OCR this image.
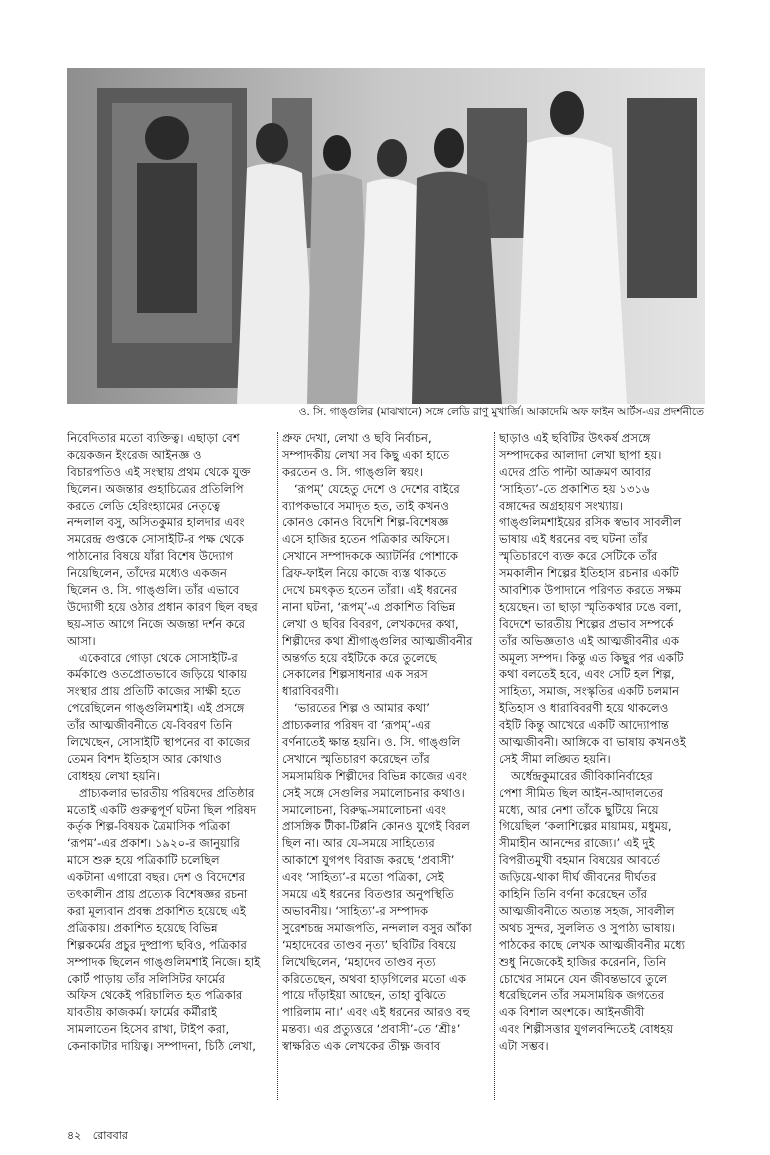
ও. সি. গাঙ্গুলির (মাঝখানে) সঙ্গে লেডি রাণু মুখার্জি। আকাদেমি অফ ফাইন আর্টস-এর প্রদর্শনীতে
নিবেদিতার মতো ব্যক্তিত্ব। এছাড়া বেশ
কয়েকজন ইংরেজ আইনজ্ঞ ও
বিচারপতিও এই সংস্থায় প্রথম থেকে যুক্ত
ছিলেন। অজন্তার গুহাচিত্রের প্রতিলিপি
করতে লেডি হেরিংহ্যামের নেতৃত্বে
নন্দলাল বসু, অসিতকুমার হালদার এবং
সমরেন্দ্র গুপ্তকে সোসাইটি-র পক্ষ থেকে
পাঠানোর বিষয়ে যাঁরা বিশেষ উদ্যোগ
নিয়েছিলেন, তাঁদের মধ্যেও একজন
ছিলেন ও. সি. গাঙ্গুলি। তাঁর এভাবে
উদ্যোগী হয়ে ওঠার প্রধান কারণ ছিল বছর
ছয়-সাত আগে নিজে অজন্তা দর্শন করে
আসা।
একেবারে গোড়া থেকে সোসাইটি-র
কর্মকাণ্ডে ওতপ্রোতভাবে জড়িয়ে থাকায়
সংস্থার প্রায় প্রতিটি কাজের সাক্ষী হতে
পেরেছিলেন গাঙ্গুলিমশাই। এই প্রসঙ্গে
তাঁর আত্মজীবনীতে যে-বিবরণ তিনি
লিখেছেন, সোসাইটি স্থাপনের বা কাজের
তেমন বিশদ ইতিহাস আর কোথাও
বোধহয় লেখা হয়নি।
প্রাচ্যকলার ভারতীয় পরিষদের প্রতিষ্ঠার
মতোই একটি গুরুত্বপূর্ণ ঘটনা ছিল পরিষদ
কর্তৃক শিল্প-বিষয়ক ত্রৈমাসিক পত্রিকা
‘রূপম’-এর প্রকাশ। ১৯২০-র জানুয়ারি
মাসে শুরু হয়ে পত্রিকাটি চলেছিল
একটানা এগারো বছর। দেশ ও বিদেশের
তৎকালীন প্রায় প্রত্যেক বিশেষজ্ঞর রচনা
করা মূল্যবান প্রবন্ধ প্রকাশিত হয়েছে এই
প্রত্রিকায়। প্রকাশিত হয়েছে বিভিন্ন
শিল্পকর্মের প্রচুর দুষ্প্রাপ্য ছবিও, পত্রিকার
সম্পাদক ছিলেন গাঙ্গুলিমশাই নিজে। হাই
কোর্ট পাড়ায় তাঁর সলিসিটর ফার্মের
অফিস থেকেই পরিচালিত হত পত্রিকার
যাবতীয় কাজকর্ম। ফার্মের কর্মীরাই
সামলাতেন হিসেব রাখা, টাইপ করা,
কেনাকাটার দায়িত্ব। সম্পাদনা, চিঠি লেখা,
প্রুফ দেখা, লেখা ও ছবি নির্বাচন,
সম্পাদকীয় লেখা সব কিছু একা হাতে
করতেন ও. সি. গাঙ্গুলি স্বয়ং।
‘রূপম্’ যেহেতু দেশে ও দেশের বাইরে
ব্যাপকভাবে সমাদৃত হত, তাই কখনও
কোনও কোনও বিদেশি শিল্প-বিশেষজ্ঞ
এসে হাজির হতেন পত্রিকার অফিসে।
সেখানে সম্পাদককে অ্যাটর্নির পোশাকে
ব্রিফ-ফাইল নিয়ে কাজে ব্যস্ত থাকতে
দেখে চমৎকৃত হতেন তাঁরা। এই ধরনের
নানা ঘটনা, ‘রূপম্’-এ প্রকাশিত বিভিন্ন
লেখা ও ছবির বিবরণ, লেখকদের কথা,
শিল্পীদের কথা শ্রীগাঙ্গুলির আত্মজীবনীর
অন্তর্গত হয়ে বইটিকে করে তুলেছে
সেকালের শিল্পসাধনার এক সরস
ধারাবিবরণী।
‘ভারতের শিল্প ও আমার কথা’
প্রাচ্যকলার পরিষদ বা ‘রূপম্’-এর
বর্ণনাতেই ক্ষান্ত হয়নি। ও. সি. গাঙ্গুলি
সেখানে স্মৃতিচারণ করেছেন তাঁর
সমসাময়িক শিল্পীদের বিভিন্ন কাজের এবং
সেই সঙ্গে সেগুলির সমালোচনার কথাও।
সমালোচনা, বিরুদ্ধ-সমালোচনা এবং
প্রাসঙ্গিক টীকা-টিপ্পনি কোনও যুগেই বিরল
ছিল না। আর যে-সময়ে সাহিত্যের
আকাশে যুগপৎ বিরাজ করছে ‘প্রবাসী’
এবং ‘সাহিত্য’-র মতো পত্রিকা, সেই
সময়ে এই ধরনের বিতণ্ডার অনুপস্থিতি
অভাবনীয়। ‘সাহিত্য’-র সম্পাদক
সুরেশচন্দ্র সমাজপতি, নন্দলাল বসুর আঁকা
‘মহাদেবের তাণ্ডব নৃত্য’ ছবিটির বিষয়ে
লিখেছিলেন, ‘মহাদেব তাণ্ডব নৃত্য
করিতেছেন, অথবা হাড়গিলের মতো এক
পায়ে দাঁড়াইয়া আছেন, তাহা বুঝিতে
পারিলাম না।’ এবং এই ধরনের আরও বহু
মন্তব্য। এর প্রত্যুত্তরে ‘প্রবাসী’-তে ‘শ্রীঃ’
স্বাক্ষরিত এক লেখকের তীক্ষ্ণ জবাব
ছাড়াও এই ছবিটির উৎকর্ষ প্রসঙ্গে
সম্পাদকের আলাদা লেখা ছাপা হয়।
এদের প্রতি পাল্টা আক্রমণ আবার
‘সাহিত্য’-তে প্রকাশিত হয় ১৩১৬
বঙ্গাব্দের অগ্রহায়ণ সংখ্যায়।
গাঙ্গুলিমশাইয়ের রসিক স্বভাব সাবলীল
ভাষায় এই ধরনের বহু ঘটনা তাঁর
স্মৃতিচারণে ব্যক্ত করে সেটিকে তাঁর
সমকালীন শিল্পের ইতিহাস রচনার একটি
আবশ্যিক উপাদানে পরিণত করতে সক্ষম
হয়েছেন। তা ছাড়া স্মৃতিকথার ঢঙে বলা,
বিদেশে ভারতীয় শিল্পের প্রভাব সম্পর্কে
তাঁর অভিজ্ঞতাও এই আত্মজীবনীর এক
অমূল্য সম্পদ। কিন্তু এত কিছুর পর একটি
কথা বলতেই হবে, এবং সেটি হল শিল্প,
সাহিত্য, সমাজ, সংস্কৃতির একটি চলমান
ইতিহাস ও ধারাবিবরণী হয়ে থাকলেও
বইটি কিন্তু আখেরে একটি আদ্যোপান্ত
আত্মজীবনী। আঙ্গিকে বা ভাষায় কখনওই
সেই সীমা লঙ্ঘিত হয়নি।
অর্ধেন্দ্রকুমারের জীবিকানির্বাহের
পেশা সীমিত ছিল আইন-আদালতের
মধ্যে, আর নেশা তাঁকে ছুটিয়ে নিয়ে
গিয়েছিল ‘কলাশিল্পের মায়াময়, মধুময়,
সীমাহীন আনন্দের রাজ্যে।’ এই দুই
বিপরীতমুখী বহমান বিষয়ের আবর্তে
জড়িয়ে-থাকা দীর্ঘ জীবনের দীর্ঘতর
কাহিনি তিনি বর্ণনা করেছেন তাঁর
আত্মজীবনীতে অত্যন্ত সহজ, সাবলীল
অথচ সুন্দর, সুললিত ও সুপাঠ্য ভাষায়।
পাঠকের কাছে লেখক আত্মজীবনীর মধ্যে
শুধু নিজেকেই হাজির করেননি, তিনি
চোখের সামনে যেন জীবন্তভাবে তুলে
ধরেছিলেন তাঁর সমসাময়িক জগতের
এক বিশাল অংশকে। আইনজীবী
এবং শিল্পীসত্তার যুগলবন্দিতেই বোধহয়
এটা সম্ভব।
৪২ রোববার
